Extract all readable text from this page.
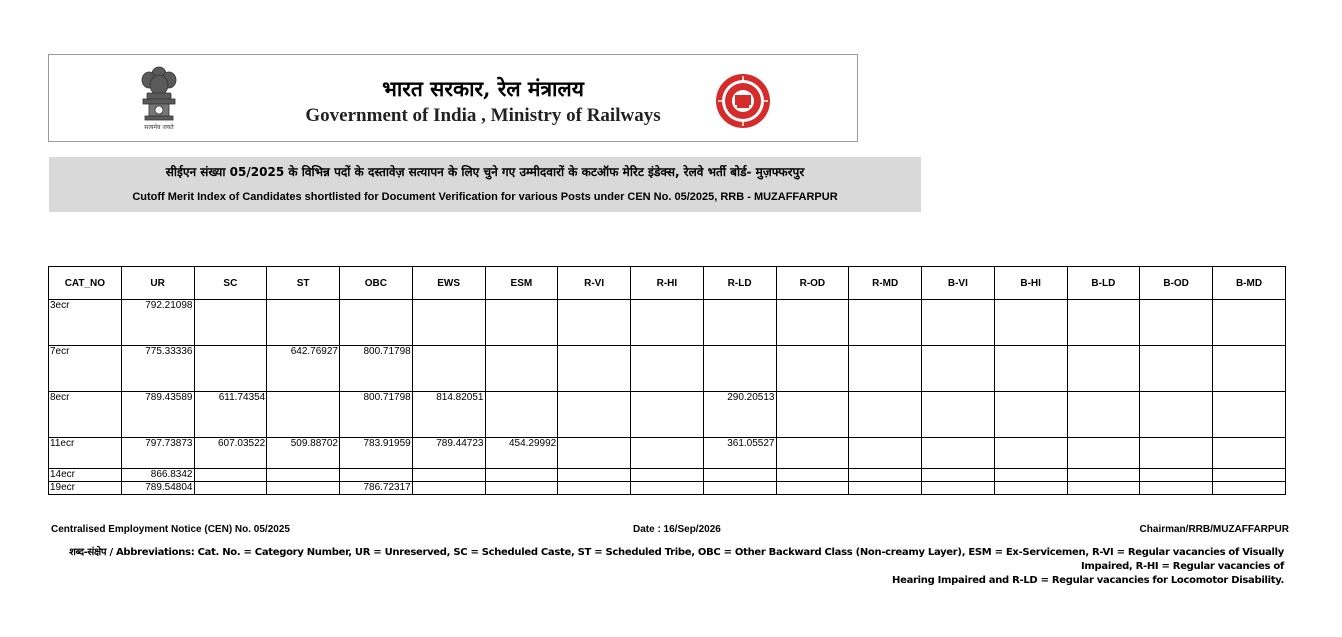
सत्यमेव जयते
भारत सरकार, रेल मंत्रालय
Government of India , Ministry of Railways
सीईएन संख्या 05/2025 के विभिन्न पदों के दस्तावेज़ सत्यापन के लिए चुने गए उम्मीदवारों के कटऑफ मेरिट इंडेक्स, रेलवे भर्ती बोर्ड- मुज़फ्फरपुर
Cutoff Merit Index of Candidates shortlisted for Document Verification for various Posts under CEN No. 05/2025, RRB - MUZAFFARPUR
CAT_NO	UR	SC	ST	OBC	EWS	ESM	R-VI	R-HI	R-LD	R-OD	R-MD	B-VI	B-HI	B-LD	B-OD	B-MD
3ecr	792.21098															
7ecr	775.33336		642.76927	800.71798												
8ecr	789.43589	611.74354		800.71798	814.82051				290.20513							
11ecr	797.73873	607.03522	509.88702	783.91959	789.44723	454.29992			361.05527							
14ecr	866.8342															
19ecr	789.54804			786.72317												
Centralised Employment Notice (CEN) No. 05/2025	Date : 16/Sep/2026	Chairman/RRB/MUZAFFARPUR
शब्द-संक्षेप / Abbreviations: Cat. No. = Category Number, UR = Unreserved, SC = Scheduled Caste, ST = Scheduled Tribe, OBC = Other Backward Class (Non-creamy Layer), ESM = Ex-Servicemen, R-VI = Regular vacancies of Visually Impaired, R-HI = Regular vacancies of
Hearing Impaired and R-LD = Regular vacancies for Locomotor Disability.
